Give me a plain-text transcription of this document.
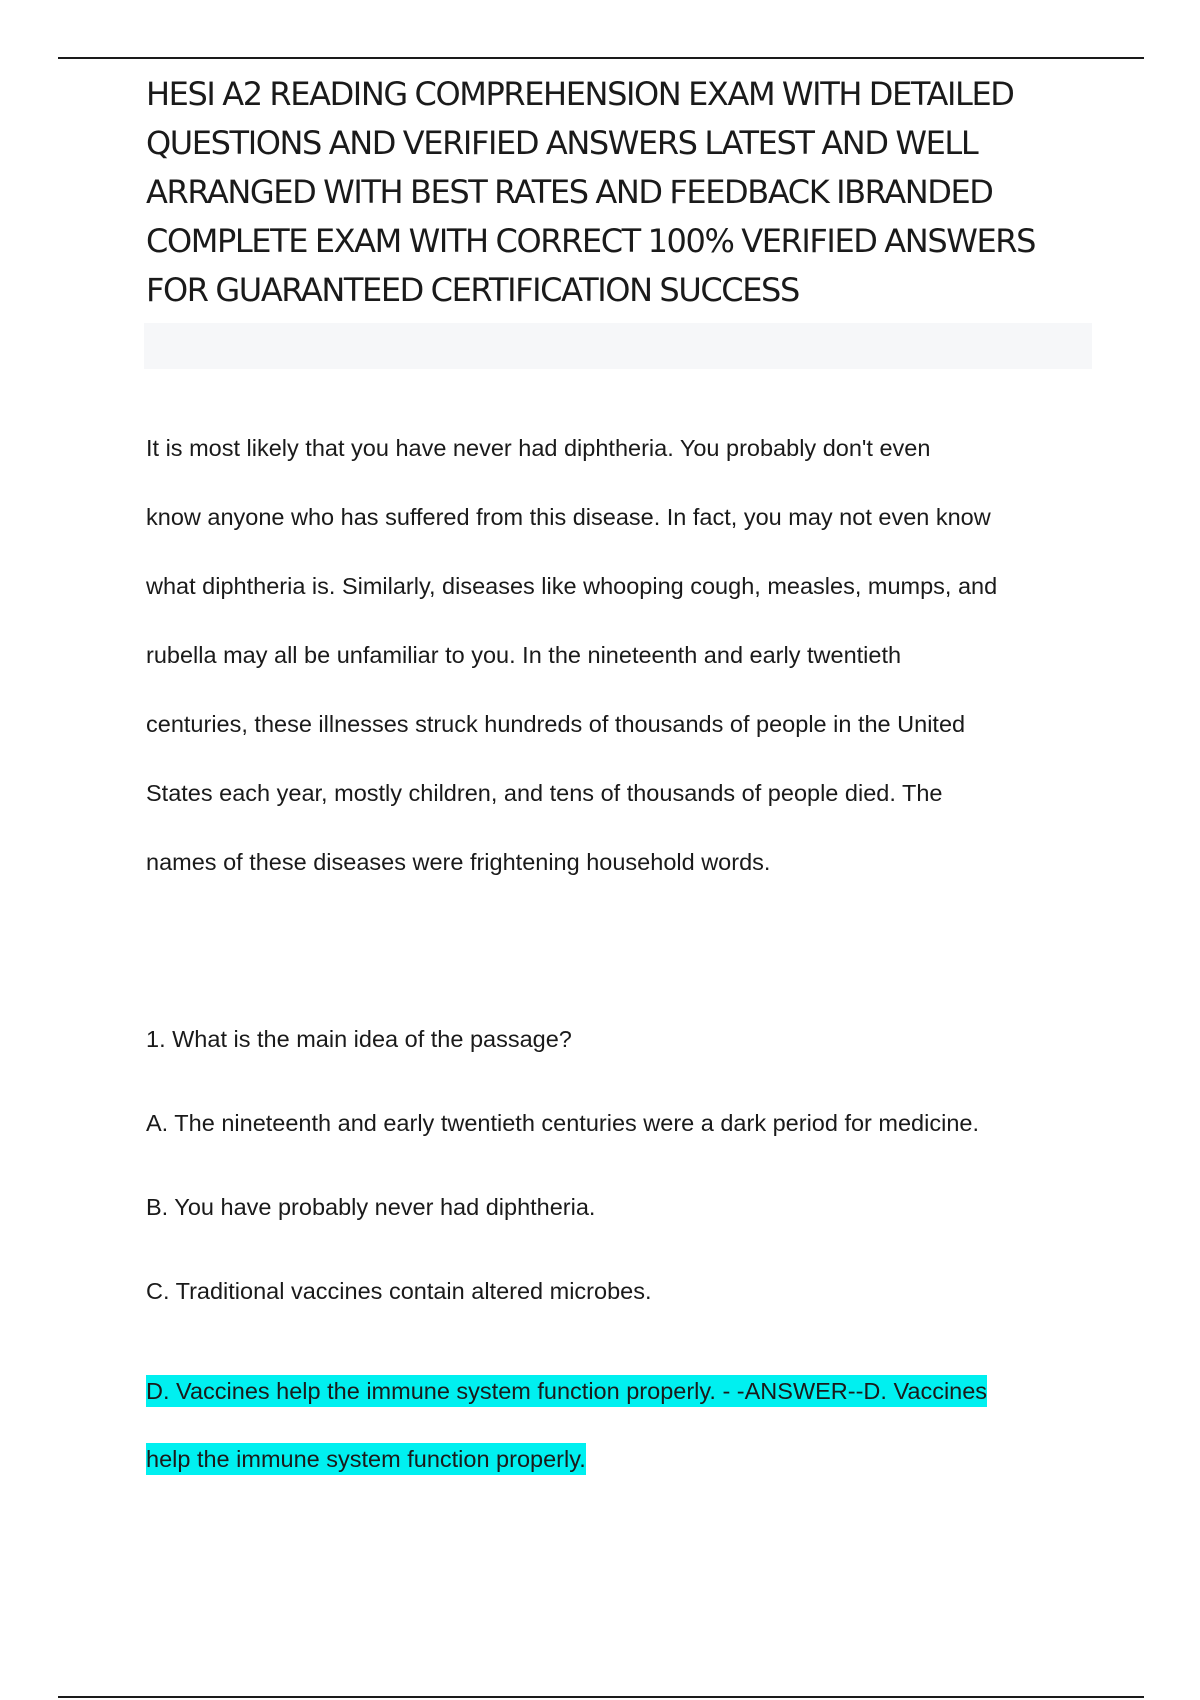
HESI A2 READING COMPREHENSION EXAM WITH DETAILED QUESTIONS AND VERIFIED ANSWERS LATEST AND WELL ARRANGED WITH BEST RATES AND FEEDBACK IBRANDED COMPLETE EXAM WITH CORRECT 100% VERIFIED ANSWERS FOR GUARANTEED CERTIFICATION SUCCESS

It is most likely that you have never had diphtheria. You probably don't even
know anyone who has suffered from this disease. In fact, you may not even know
what diphtheria is. Similarly, diseases like whooping cough, measles, mumps, and
rubella may all be unfamiliar to you. In the nineteenth and early twentieth
centuries, these illnesses struck hundreds of thousands of people in the United
States each year, mostly children, and tens of thousands of people died. The
names of these diseases were frightening household words.

1. What is the main idea of the passage?

A. The nineteenth and early twentieth centuries were a dark period for medicine.

B. You have probably never had diphtheria.

C. Traditional vaccines contain altered microbes.

D. Vaccines help the immune system function properly. - -ANSWER--D. Vaccines
help the immune system function properly.
